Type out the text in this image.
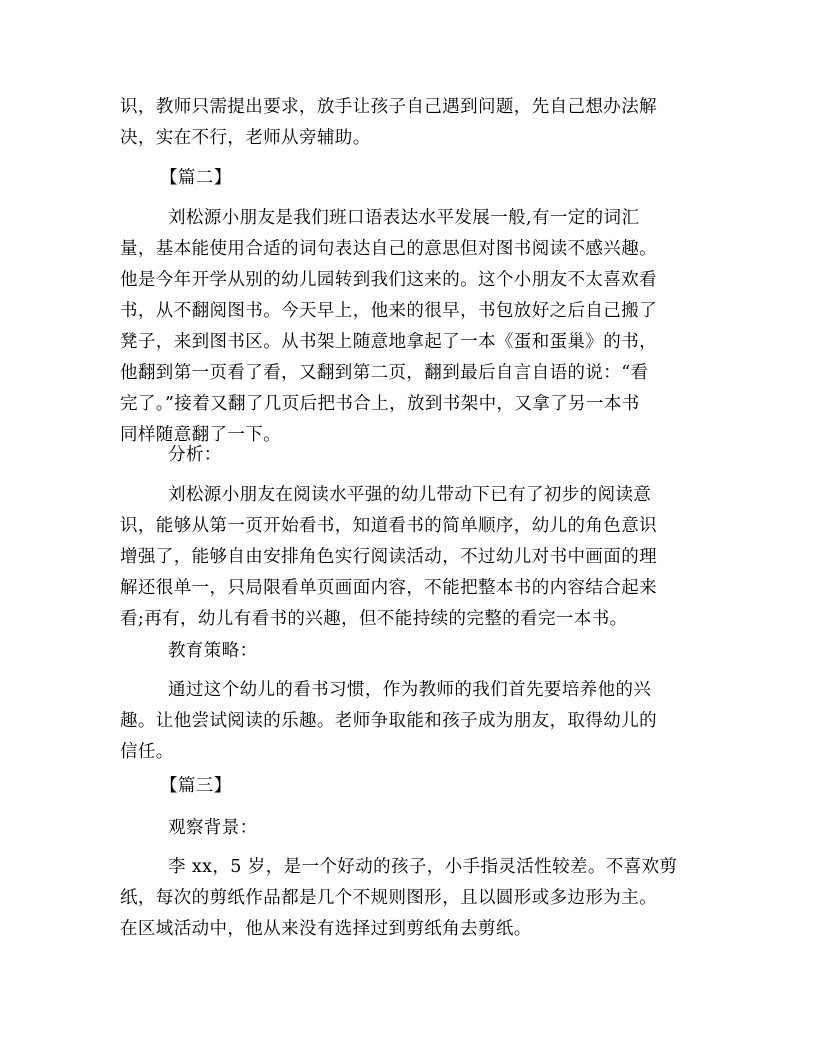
识，教师只需提出要求，放手让孩子自己遇到问题，先自己想办法解
决，实在不行，老师从旁辅助。
【篇二】
刘松源小朋友是我们班口语表达水平发展一般,有一定的词汇
量，基本能使用合适的词句表达自己的意思但对图书阅读不感兴趣。
他是今年开学从别的幼儿园转到我们这来的。这个小朋友不太喜欢看
书，从不翻阅图书。今天早上，他来的很早，书包放好之后自己搬了
凳子，来到图书区。从书架上随意地拿起了一本《蛋和蛋巢》的书，
他翻到第一页看了看，又翻到第二页，翻到最后自言自语的说：“看
完了。”接着又翻了几页后把书合上，放到书架中，又拿了另一本书
同样随意翻了一下。
分析：
刘松源小朋友在阅读水平强的幼儿带动下已有了初步的阅读意
识，能够从第一页开始看书，知道看书的简单顺序，幼儿的角色意识
增强了，能够自由安排角色实行阅读活动，不过幼儿对书中画面的理
解还很单一，只局限看单页画面内容，不能把整本书的内容结合起来
看;再有，幼儿有看书的兴趣，但不能持续的完整的看完一本书。
教育策略：
通过这个幼儿的看书习惯，作为教师的我们首先要培养他的兴
趣。让他尝试阅读的乐趣。老师争取能和孩子成为朋友，取得幼儿的
信任。
【篇三】
观察背景：
李 xx，5 岁，是一个好动的孩子，小手指灵活性较差。不喜欢剪
纸，每次的剪纸作品都是几个不规则图形，且以圆形或多边形为主。
在区域活动中，他从来没有选择过到剪纸角去剪纸。
